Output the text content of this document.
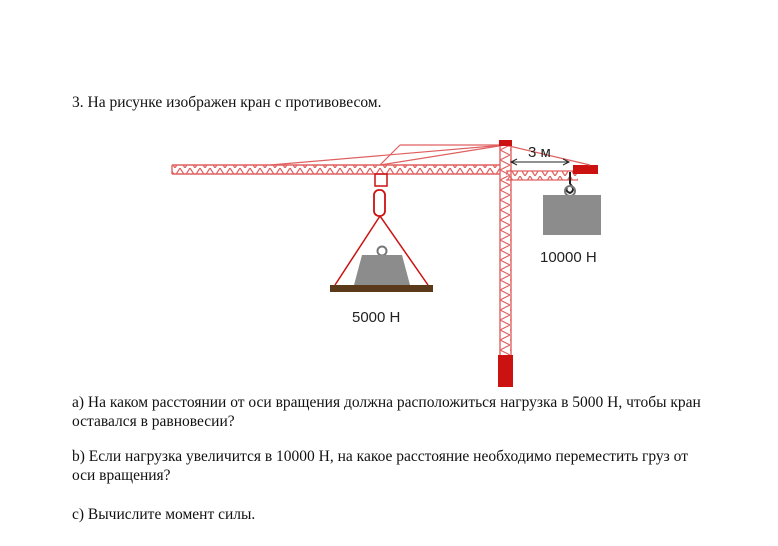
3. На рисунке изображен кран с противовесом.
3 м
10000 Н
5000 Н
a) На каком расстоянии от оси вращения должна расположиться нагрузка в 5000 Н, чтобы кран оставался в равновесии?
b) Если нагрузка увеличится в 10000 Н, на какое расстояние необходимо переместить груз от оси вращения?
c) Вычислите момент силы.
